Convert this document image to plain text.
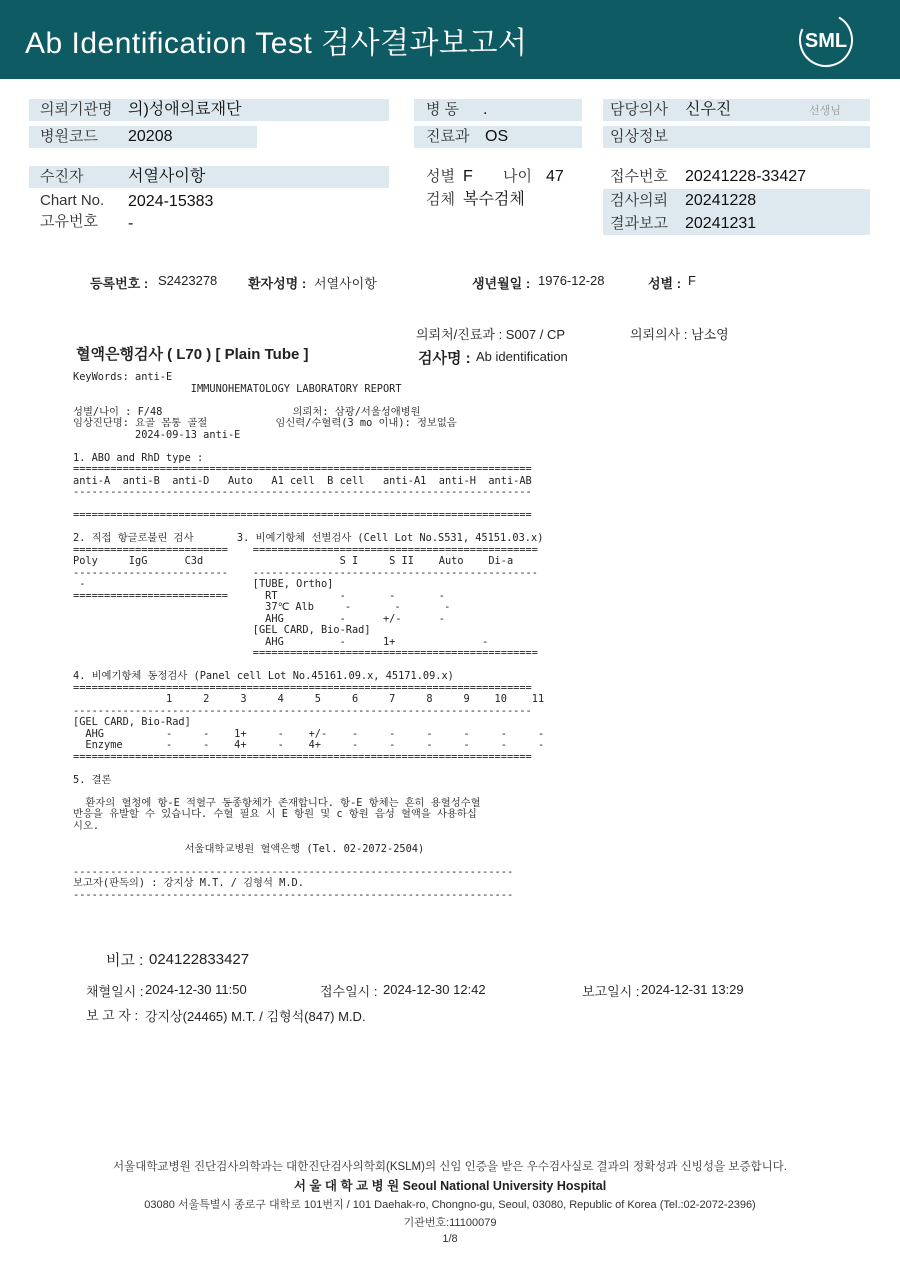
Ab Identification Test 검사결과보고서	SML
의뢰기관명 의)성애의료재단
병원코드 20208
병 동 .
진료과 OS
담당의사 신우진	선생님
임상정보
수진자	서열사이항
Chart No. 2024-15383
고유번호 -
성별 F 나이 47
검체 복수검체
접수번호 20241228-33427
검사의뢰 20241228
결과보고 20241231
등록번호 : S2423278 환자성명 : 서열사이항	생년월일 : 1976-12-28	성별 : F
의뢰처/진료과 : S007 / CP	의뢰의사 : 남소영
혈액은행검사 ( L70 ) [ Plain Tube ]	검사명 : Ab identification
KeyWords: anti-E
IMMUNOHEMATOLOGY LABORATORY REPORT
성별/나이 : F/48                     의뢰처: 삼광/서울성애병원
임상진단명: 요골 몸통 골절           임신력/수혈력(3 mo 이내): 정보없음
2024-09-13 anti-E
1. ABO and RhD type :
==========================================================================
anti-A  anti-B  anti-D   Auto   A1 cell  B cell   anti-A1  anti-H  anti-AB
--------------------------------------------------------------------------
==========================================================================
2. 직접 항글로불린 검사       3. 비예기항체 선별검사 (Cell Lot No.S531, 45151.03.x)
=========================    ==============================================
Poly     IgG      C3d                      S I     S II    Auto    Di-a
-------------------------    ----------------------------------------------
-                           [TUBE, Ortho]
=========================      RT          -       -       -
37℃ Alb     -       -       -
AHG         -      +/-      -
[GEL CARD, Bio-Rad]
AHG         -      1+              -
==============================================
4. 비예기항체 동정검사 (Panel cell Lot No.45161.09.x, 45171.09.x)
==========================================================================
1     2     3     4     5     6     7     8     9    10    11
--------------------------------------------------------------------------
[GEL CARD, Bio-Rad]
AHG          -     -    1+     -    +/-    -     -     -     -     -     -
Enzyme       -     -    4+     -    4+     -     -     -     -     -     -
==========================================================================
5. 결론
환자의 혈청에 항-E 적혈구 동종항체가 존재합니다. 항-E 항체는 흔히 용혈성수혈
반응을 유발할 수 있습니다. 수혈 필요 시 E 항원 및 c 항원 음성 혈액을 사용하십
시오.
서울대학교병원 혈액은행 (Tel. 02-2072-2504)
-----------------------------------------------------------------------
보고자(판독의) : 강지상 M.T. / 김형석 M.D.
-----------------------------------------------------------------------
비고 : 024122833427
채혈일시 : 2024-12-30 11:50	접수일시 : 2024-12-30 12:42	보고일시 : 2024-12-31 13:29
보 고 자 : 강지상(24465) M.T. / 김형석(847) M.D.
서울대학교병원 진단검사의학과는 대한진단검사의학회(KSLM)의 신임 인증을 받은 우수검사실로 결과의 정확성과 신빙성을 보증합니다.
서 울 대 학 교 병 원 Seoul National University Hospital
03080 서울특별시 종로구 대학로 101번지 / 101 Daehak-ro, Chongno-gu, Seoul, 03080, Republic of Korea (Tel.:02-2072-2396)
기관번호:11100079
1/8
